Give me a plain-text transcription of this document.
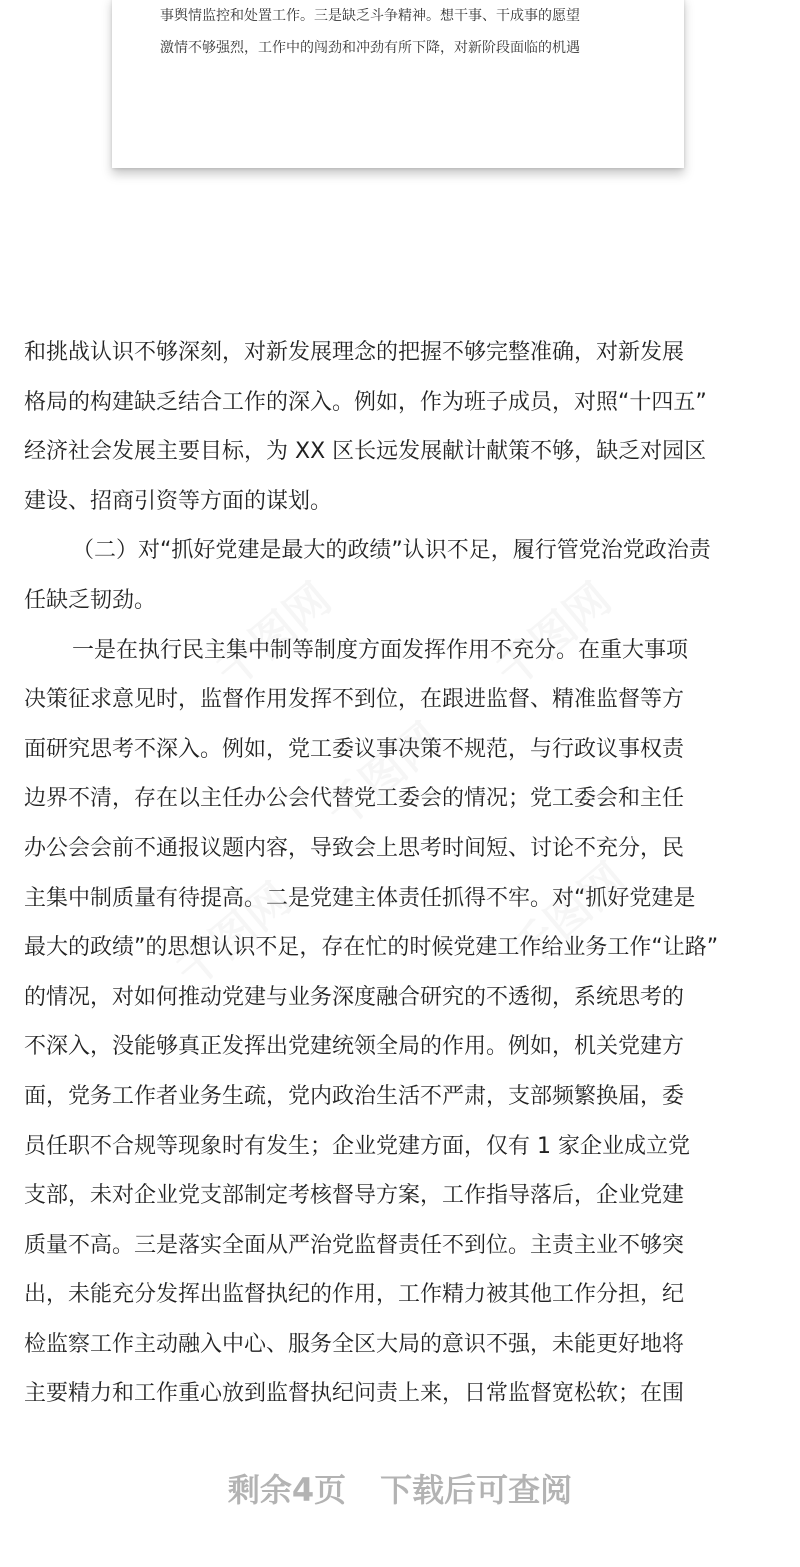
事舆情监控和处置工作。三是缺乏斗争精神。想干事、干成事的愿望
激情不够强烈，工作中的闯劲和冲劲有所下降，对新阶段面临的机遇
和挑战认识不够深刻，对新发展理念的把握不够完整准确，对新发展
格局的构建缺乏结合工作的深入。例如，作为班子成员，对照“十四五”
经济社会发展主要目标，为 XX 区长远发展献计献策不够，缺乏对园区
建设、招商引资等方面的谋划。
（二）对“抓好党建是最大的政绩”认识不足，履行管党治党政治责
任缺乏韧劲。
一是在执行民主集中制等制度方面发挥作用不充分。在重大事项
决策征求意见时，监督作用发挥不到位，在跟进监督、精准监督等方
面研究思考不深入。例如，党工委议事决策不规范，与行政议事权责
边界不清，存在以主任办公会代替党工委会的情况；党工委会和主任
办公会会前不通报议题内容，导致会上思考时间短、讨论不充分，民
主集中制质量有待提高。二是党建主体责任抓得不牢。对“抓好党建是
最大的政绩”的思想认识不足，存在忙的时候党建工作给业务工作“让路”
的情况，对如何推动党建与业务深度融合研究的不透彻，系统思考的
不深入，没能够真正发挥出党建统领全局的作用。例如，机关党建方
面，党务工作者业务生疏，党内政治生活不严肃，支部频繁换届，委
员任职不合规等现象时有发生；企业党建方面，仅有 1 家企业成立党
支部，未对企业党支部制定考核督导方案，工作指导落后，企业党建
质量不高。三是落实全面从严治党监督责任不到位。主责主业不够突
出，未能充分发挥出监督执纪的作用，工作精力被其他工作分担，纪
检监察工作主动融入中心、服务全区大局的意识不强，未能更好地将
主要精力和工作重心放到监督执纪问责上来，日常监督宽松软；在围
剩余4页 下载后可查阅
